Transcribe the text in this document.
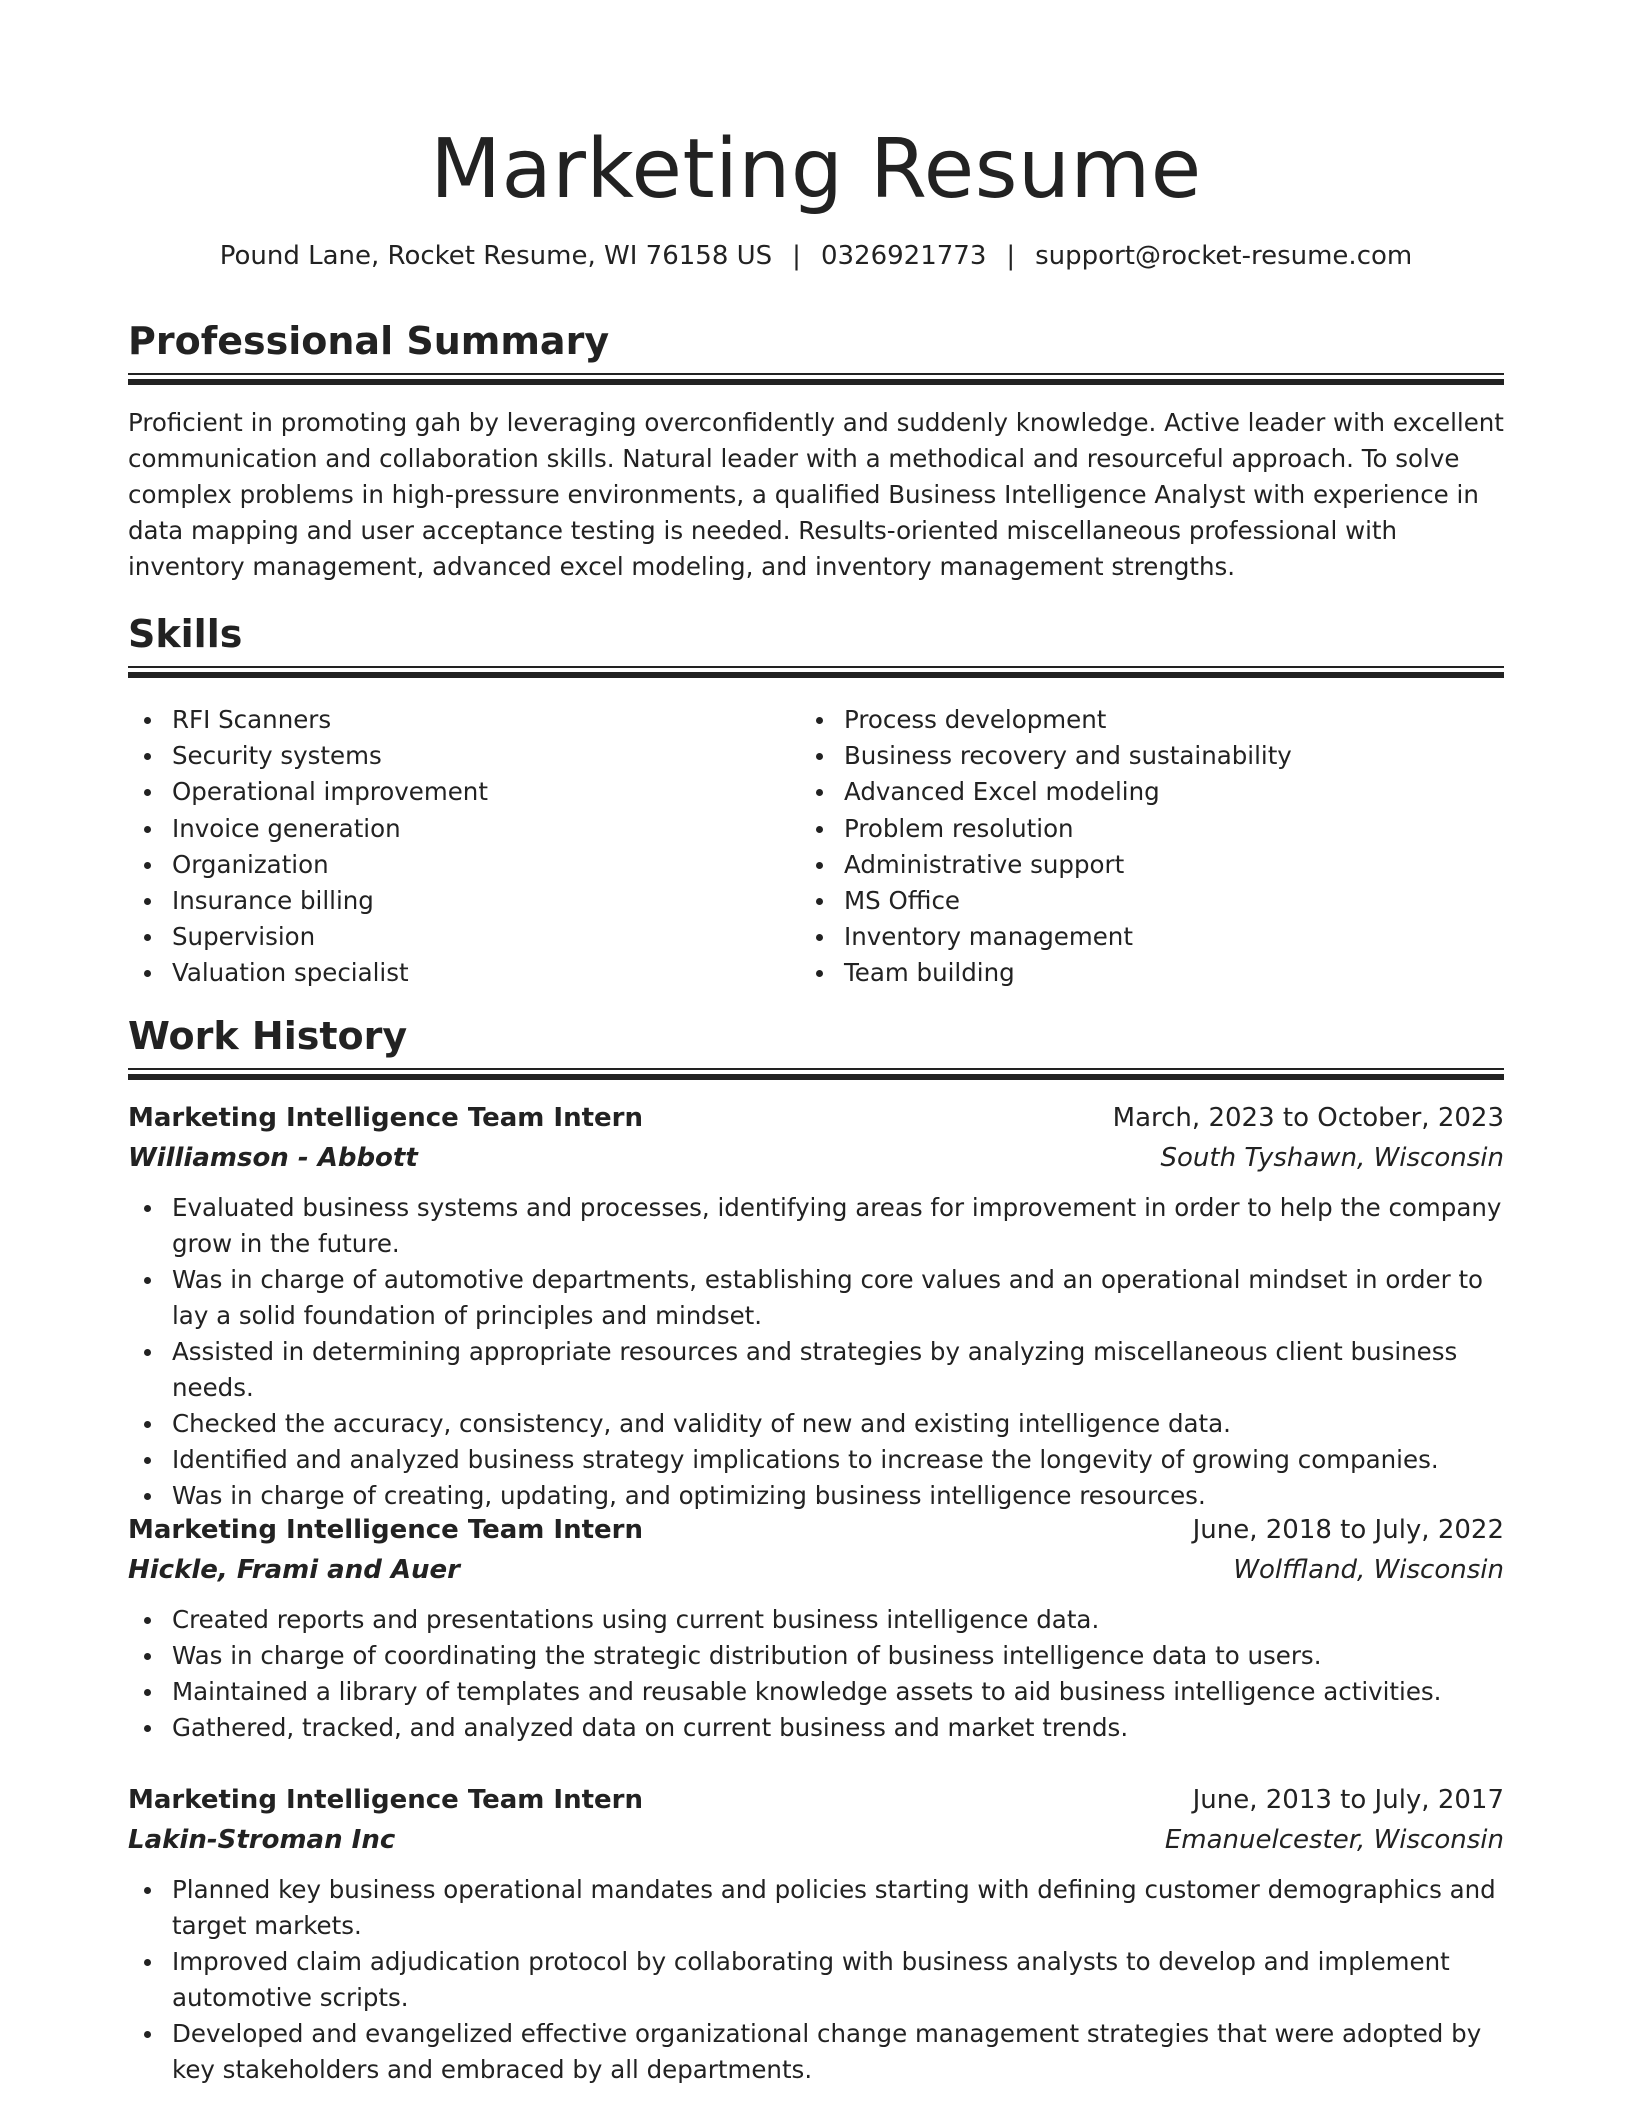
Marketing Resume
Pound Lane, Rocket Resume, WI 76158 US | 0326921773 | support@rocket-resume.com
Professional Summary

Proficient in promoting gah by leveraging overconfidently and suddenly knowledge. Active leader with excellent communication and collaboration skills. Natural leader with a methodical and resourceful approach. To solve complex problems in high-pressure environments, a qualified Business Intelligence Analyst with experience in data mapping and user acceptance testing is needed. Results-oriented miscellaneous professional with inventory management, advanced excel modeling, and inventory management strengths.

Skills
RFI Scanners
Security systems
Operational improvement
Invoice generation
Organization
Insurance billing
Supervision
Valuation specialist
Process development
Business recovery and sustainability
Advanced Excel modeling
Problem resolution
Administrative support
MS Office
Inventory management
Team building
Work History
Marketing Intelligence Team Intern	March, 2023 to October, 2023
Williamson - Abbott	South Tyshawn, Wisconsin
Evaluated business systems and processes, identifying areas for improvement in order to help the company grow in the future.
Was in charge of automotive departments, establishing core values and an operational mindset in order to lay a solid foundation of principles and mindset.
Assisted in determining appropriate resources and strategies by analyzing miscellaneous client business needs.
Checked the accuracy, consistency, and validity of new and existing intelligence data.
Identified and analyzed business strategy implications to increase the longevity of growing companies.
Was in charge of creating, updating, and optimizing business intelligence resources.
Marketing Intelligence Team Intern	June, 2018 to July, 2022
Hickle, Frami and Auer	Wolffland, Wisconsin
Created reports and presentations using current business intelligence data.
Was in charge of coordinating the strategic distribution of business intelligence data to users.
Maintained a library of templates and reusable knowledge assets to aid business intelligence activities.
Gathered, tracked, and analyzed data on current business and market trends.
Marketing Intelligence Team Intern	June, 2013 to July, 2017
Lakin-Stroman Inc	Emanuelcester, Wisconsin
Planned key business operational mandates and policies starting with defining customer demographics and target markets.
Improved claim adjudication protocol by collaborating with business analysts to develop and implement automotive scripts.
Developed and evangelized effective organizational change management strategies that were adopted by key stakeholders and embraced by all departments.
